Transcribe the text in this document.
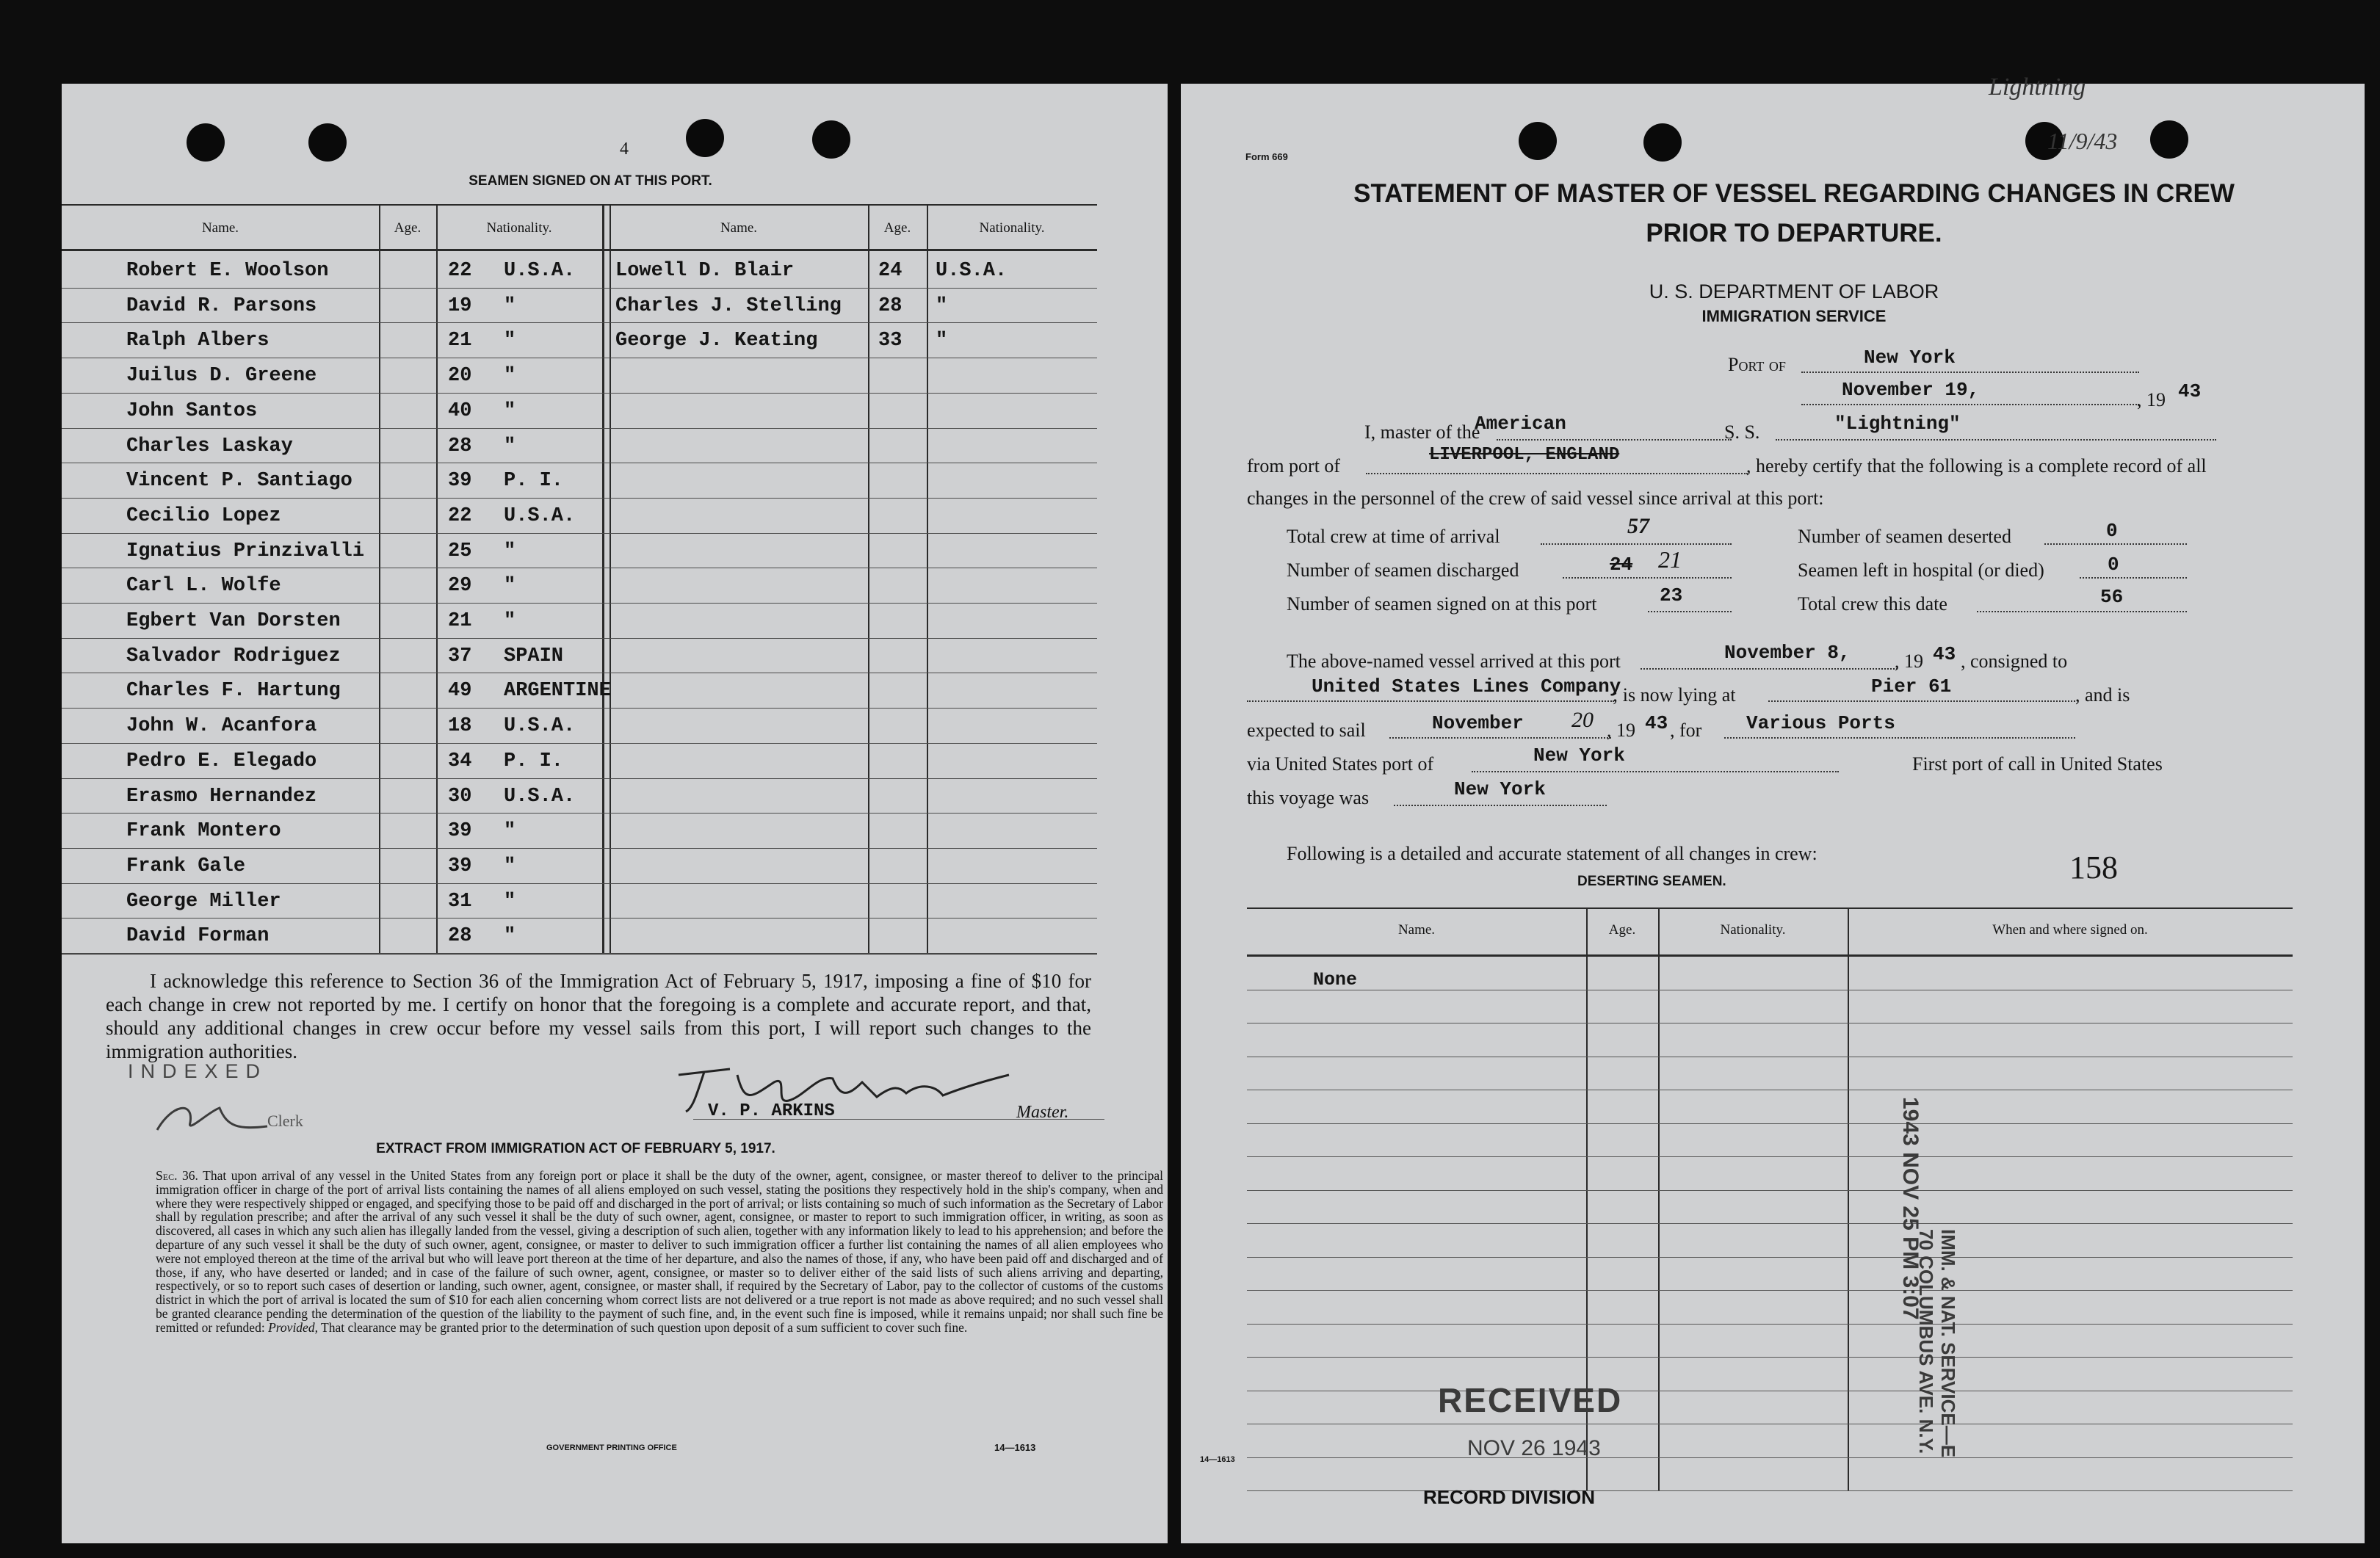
4
SEAMEN SIGNED ON AT THIS PORT.
Name.	Age.	Nationality.	Name.	Age.	Nationality.
Robert E. Woolson	22 U.S.A.
David R. Parsons	19 "
Ralph Albers	21 "
Juilus D. Greene	20 "
John Santos	40 "
Charles Laskay	28 "
Vincent P. Santiago	39 P. I.
Cecilio Lopez	22 U.S.A.
Ignatius Prinzivalli	25 "
Carl L. Wolfe	29 "
Egbert Van Dorsten	21 "
Salvador Rodriguez	37 SPAIN
Charles F. Hartung	49 ARGENTINE
John W. Acanfora	18 U.S.A.
Pedro E. Elegado	34 P. I.
Erasmo Hernandez	30 U.S.A.
Frank Montero	39 "
Frank Gale	39 "
George Miller	31 "
David Forman	28 "
Lowell D. Blair	24 U.S.A.
Charles J. Stelling 28 "
George J. Keating	33 "
I acknowledge this reference to Section 36 of the Immigration Act of February 5, 1917, imposing a fine of $10 for each change in crew not reported by me. I certify on honor that the foregoing is a complete and accurate report, and that, should any additional changes in crew occur before my vessel sails from this port, I will report such changes to the immigration authorities.
INDEXED
Clerk	V. P. ARKINS	Master.
EXTRACT FROM IMMIGRATION ACT OF FEBRUARY 5, 1917.
Sec. 36. That upon arrival of any vessel in the United States from any foreign port or place it shall be the duty of the owner, agent, consignee, or master thereof to deliver to the principal immigration officer in charge of the port of arrival lists containing the names of all aliens employed on such vessel, stating the positions they respectively hold in the ship's company, when and where they were respectively shipped or engaged, and specifying those to be paid off and discharged in the port of arrival; or lists containing so much of such information as the Secretary of Labor shall by regulation prescribe; and after the arrival of any such vessel it shall be the duty of such owner, agent, consignee, or master to report to such immigration officer, in writing, as soon as discovered, all cases in which any such alien has illegally landed from the vessel, giving a description of such alien, together with any information likely to lead to his apprehension; and before the departure of any such vessel it shall be the duty of such owner, agent, consignee, or master to deliver to such immigration officer a further list containing the names of all alien employees who were not employed thereon at the time of the arrival but who will leave port thereon at the time of her departure, and also the names of those, if any, who have been paid off and discharged and of those, if any, who have deserted or landed; and in case of the failure of such owner, agent, consignee, or master so to deliver either of the said lists of such aliens arriving and departing, respectively, or so to report such cases of desertion or landing, such owner, agent, consignee, or master shall, if required by the Secretary of Labor, pay to the collector of customs of the customs district in which the port of arrival is located the sum of $10 for each alien concerning whom correct lists are not delivered or a true report is not made as above required; and no such vessel shall be granted clearance pending the determination of the question of the liability to the payment of such fine, and, in the event such fine is imposed, while it remains unpaid; nor shall such fine be remitted or refunded: Provided, That clearance may be granted prior to the determination of such question upon deposit of a sum sufficient to cover such fine.
GOVERNMENT PRINTING OFFICE	14—1613
Lightning
11/9/43
Form 669
STATEMENT OF MASTER OF VESSEL REGARDING CHANGES IN CREW
PRIOR TO DEPARTURE.
U. S. DEPARTMENT OF LABOR
IMMIGRATION SERVICE
Port of	New York
November 19,	, 19 43
I, master of the
American	S. S.	"Lightning"
from port of
LIVERPOOL, ENGLAND
, hereby certify that the following is a complete record of all
changes in the personnel of the crew of said vessel since arrival at this port:
Total crew at time of arrival	57	Number of seamen deserted	0
Number of seamen discharged	24 21	Seamen left in hospital (or died)	0
Number of seamen signed on at this port	23	Total crew this date	56
The above-named vessel arrived at this port	November 8, , 19 43 , consigned to
United States Lines Company
; is now lying at	Pier 61	, and is
expected to sail	November 20 , 19 43 , for Various Ports
via United States port of	New York	First port of call in United States
this voyage was	New York
Following is a detailed and accurate statement of all changes in crew:
DESERTING SEAMEN.	158
Name.	Age.	Nationality.	When and where signed on.
None
IMM. & NAT. SERVICE—E
70 COLUMBUS AVE. N.Y.
1943 NOV 25 PM 3:07
RECEIVED
NOV 26 1943
14—1613
RECORD DIVISION
